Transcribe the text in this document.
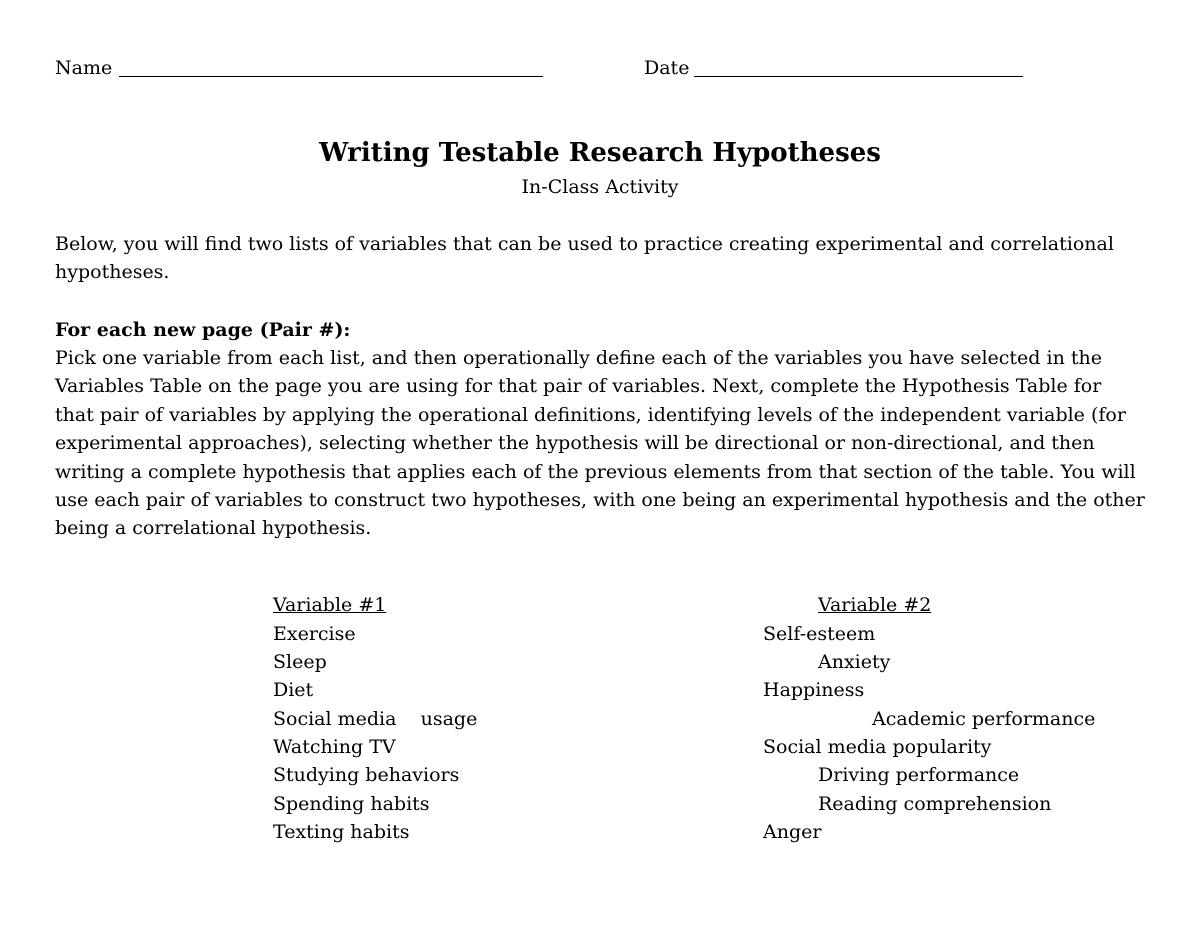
Name	Date
Writing Testable Research Hypotheses
In-Class Activity
Below, you will find two lists of variables that can be used to practice creating experimental and correlational hypotheses.
For each new page (Pair #):
Pick one variable from each list, and then operationally define each of the variables you have selected in the Variables Table on the page you are using for that pair of variables. Next, complete the Hypothesis Table for that pair of variables by applying the operational definitions, identifying levels of the independent variable (for experimental approaches), selecting whether the hypothesis will be directional or non-directional, and then writing a complete hypothesis that applies each of the previous elements from that section of the table. You will use each pair of variables to construct two hypotheses, with one being an experimental hypothesis and the other being a correlational hypothesis.
Variable #1
Exercise
Sleep
Diet
Social media    usage
Watching TV
Studying behaviors
Spending habits
Texting habits
Variable #2
Self-esteem
Anxiety
Happiness
Academic performance
Social media popularity
Driving performance
Reading comprehension
Anger
